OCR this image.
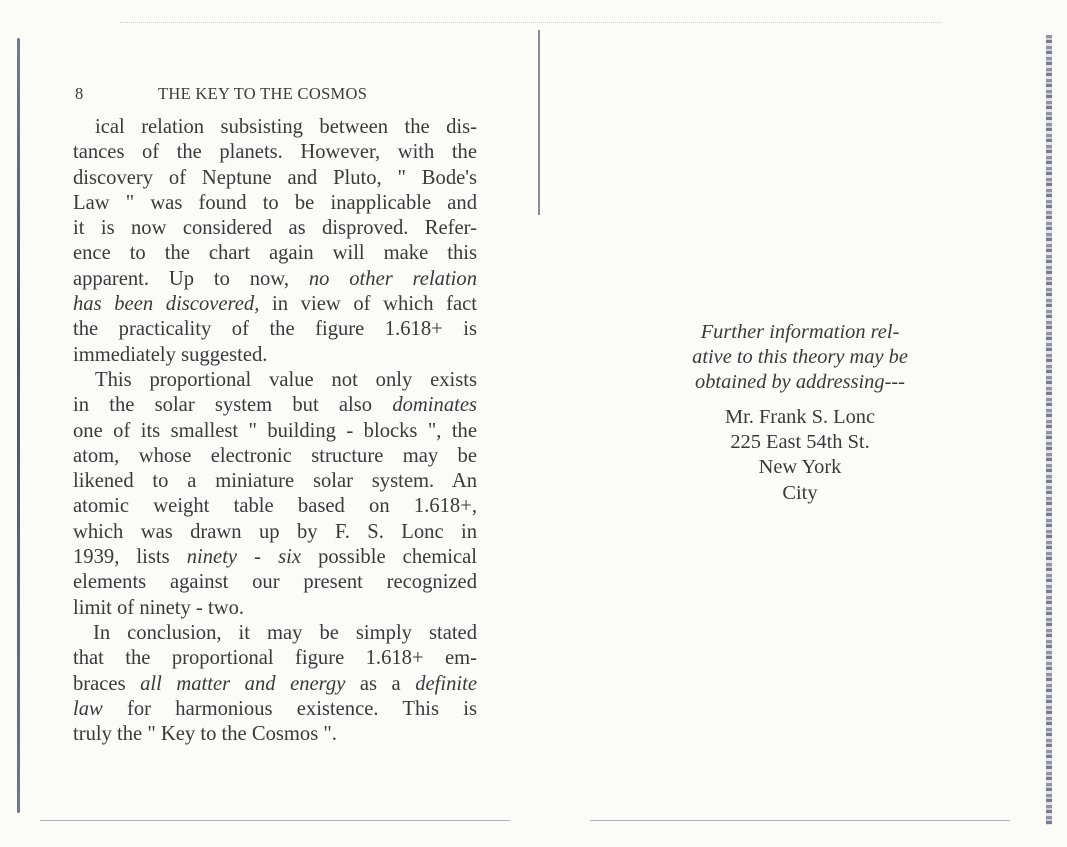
8	THE KEY TO THE COSMOS
ical relation subsisting between the dis-
tances of the planets. However, with the
discovery of Neptune and Pluto, " Bode's
Law " was found to be inapplicable and
it is now considered as disproved. Refer-
ence to the chart again will make this
apparent. Up to now, no other relation
has been discovered, in view of which fact
the practicality of the figure 1.618+ is
immediately suggested.
This proportional value not only exists
in the solar system but also dominates
one of its smallest " building - blocks ", the
atom, whose electronic structure may be
likened to a miniature solar system. An
atomic weight table based on 1.618+,
which was drawn up by F. S. Lonc in
1939, lists ninety - six possible chemical
elements against our present recognized
limit of ninety - two.
In conclusion, it may be simply stated
that the proportional figure 1.618+ em-
braces all matter and energy as a definite
law for harmonious existence. This is
truly the " Key to the Cosmos ".
Further information rel-
ative to this theory may be
obtained by addressing---
Mr. Frank S. Lonc
225 East 54th St.
New York
City
